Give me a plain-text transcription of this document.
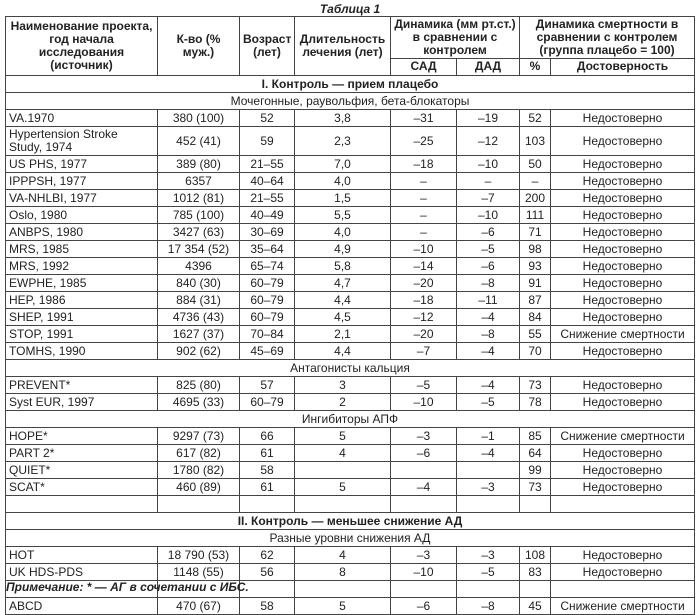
Таблица 1
Наименование проекта, год начала исследования (источник)	К-во (% муж.)	Возраст (лет)	Длительность лечения (лет)	Динамика (мм рт.ст.) в сравнении с контролем		Динамика смертности в сравнении с контролем (группа плацебо = 100)	
				САД	ДАД	%	Достоверность
I. Контроль — прием плацебо							
Мочегонные, раувольфия, бета-блокаторы							
VA.1970	380 (100)	52	3,8	–31	–19	52	Недостоверно
Hypertension Stroke Study, 1974	452 (41)	59	2,3	–25	–12	103	Недостоверно
US PHS, 1977	389 (80)	21–55	7,0	–18	–10	50	Недостоверно
IPPPSH, 1977	6357	40–64	4,0	–	–	–	Недостоверно
VA-NHLBI, 1977	1012 (81)	21–55	1,5	–	–7	200	Недостоверно
Oslo, 1980	785 (100)	40–49	5,5	–	–10	111	Недостоверно
ANBPS, 1980	3427 (63)	30–69	4,0	–	–6	71	Недостоверно
MRS, 1985	17 354 (52)	35–64	4,9	–10	–5	98	Недостоверно
MRS, 1992	4396	65–74	5,8	–14	–6	93	Недостоверно
EWPHE, 1985	840 (30)	60–79	4,7	–20	–8	91	Недостоверно
HEP, 1986	884 (31)	60–79	4,4	–18	–11	87	Недостоверно
SHEP, 1991	4736 (43)	60–79	4,5	–12	–4	84	Недостоверно
STOP, 1991	1627 (37)	70–84	2,1	–20	–8	55	Снижение смертности
TOMHS, 1990	902 (62)	45–69	4,4	–7	–4	70	Недостоверно
Антагонисты кальция							
PREVENT*	825 (80)	57	3	–5	–4	73	Недостоверно
Syst EUR, 1997	4695 (33)	60–79	2	–10	–5	78	Недостоверно
Ингибиторы АПФ							
HOPE*	9297 (73)	66	5	–3	–1	85	Снижение смертности
PART 2*	617 (82)	61	4	–6	–4	64	Недостоверно
QUIET*	1780 (82)	58				99	Недостоверно
SCAT*	460 (89)	61	5	–4	–3	73	Недостоверно

II. Контроль — меньшее снижение АД							
Разные уровни снижения АД							
HOT	18 790 (53)	62	4	–3	–3	108	Недостоверно
UK HDS-PDS	1148 (55)	56	8	–10	–5	83	Недостоверно

ABCD	470 (67)	58	5	–6	–8	45	Снижение смертности
Примечание: * — АГ в сочетании с ИБС.
